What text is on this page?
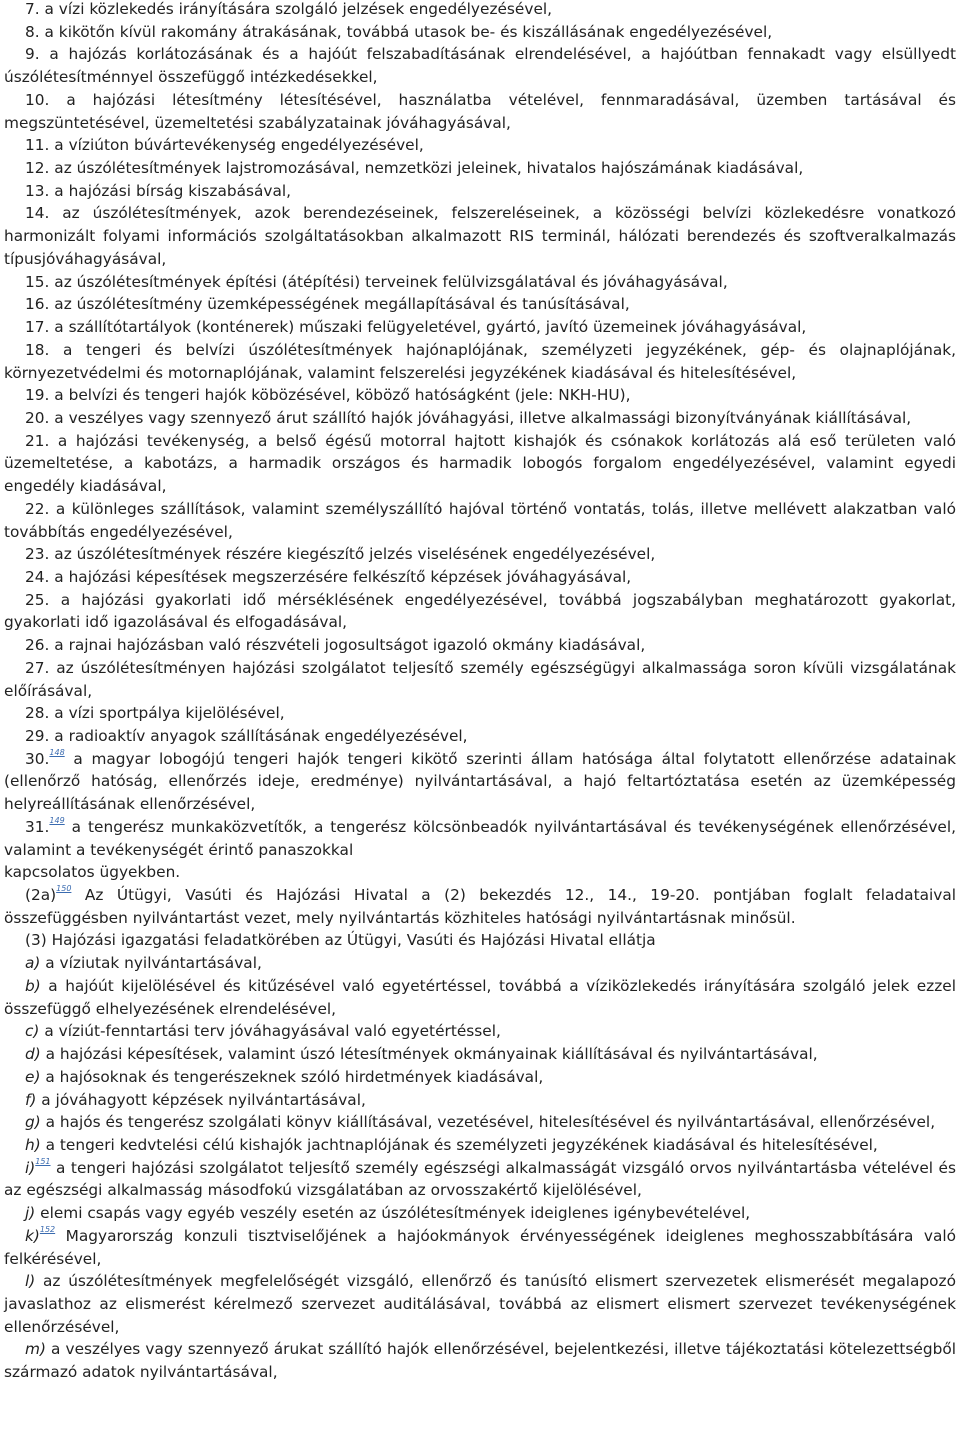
7. a vízi közlekedés irányítására szolgáló jelzések engedélyezésével,

8. a kikötőn kívül rakomány átrakásának, továbbá utasok be- és kiszállásának engedélyezésével,

9. a hajózás korlátozásának és a hajóút felszabadításának elrendelésével, a hajóútban fennakadt vagy elsüllyedt úszólétesítménnyel összefüggő intézkedésekkel,

10. a hajózási létesítmény létesítésével, használatba vételével, fennmaradásával, üzemben tartásával és megszüntetésével, üzemeltetési szabályzatainak jóváhagyásával,

11. a víziúton búvártevékenység engedélyezésével,

12. az úszólétesítmények lajstromozásával, nemzetközi jeleinek, hivatalos hajószámának kiadásával,

13. a hajózási bírság kiszabásával,

14. az úszólétesítmények, azok berendezéseinek, felszereléseinek, a közösségi belvízi közlekedésre vonatkozó harmonizált folyami információs szolgáltatásokban alkalmazott RIS terminál, hálózati berendezés és szoftveralkalmazás típusjóváhagyásával,

15. az úszólétesítmények építési (átépítési) terveinek felülvizsgálatával és jóváhagyásával,

16. az úszólétesítmény üzemképességének megállapításával és tanúsításával,

17. a szállítótartályok (konténerek) műszaki felügyeletével, gyártó, javító üzemeinek jóváhagyásával,

18. a tengeri és belvízi úszólétesítmények hajónaplójának, személyzeti jegyzékének, gép- és olajnaplójának, környezetvédelmi és motornaplójának, valamint felszerelési jegyzékének kiadásával és hitelesítésével,

19. a belvízi és tengeri hajók köbözésével, köböző hatóságként (jele: NKH-HU),

20. a veszélyes vagy szennyező árut szállító hajók jóváhagyási, illetve alkalmassági bizonyítványának kiállításával,

21. a hajózási tevékenység, a belső égésű motorral hajtott kishajók és csónakok korlátozás alá eső területen való üzemeltetése, a kabotázs, a harmadik országos és harmadik lobogós forgalom engedélyezésével, valamint egyedi engedély kiadásával,

22. a különleges szállítások, valamint személyszállító hajóval történő vontatás, tolás, illetve mellévett alakzatban való továbbítás engedélyezésével,

23. az úszólétesítmények részére kiegészítő jelzés viselésének engedélyezésével,

24. a hajózási képesítések megszerzésére felkészítő képzések jóváhagyásával,

25. a hajózási gyakorlati idő mérséklésének engedélyezésével, továbbá jogszabályban meghatározott gyakorlat, gyakorlati idő igazolásával és elfogadásával,

26. a rajnai hajózásban való részvételi jogosultságot igazoló okmány kiadásával,

27. az úszólétesítményen hajózási szolgálatot teljesítő személy egészségügyi alkalmassága soron kívüli vizsgálatának előírásával,

28. a vízi sportpálya kijelölésével,

29. a radioaktív anyagok szállításának engedélyezésével,

30.$^{148}$ a magyar lobogójú tengeri hajók tengeri kikötő szerinti állam hatósága által folytatott ellenőrzése adatainak (ellenőrző hatóság, ellenőrzés ideje, eredménye) nyilvántartásával, a hajó feltartóztatása esetén az üzemképesség helyreállításának ellenőrzésével,

31.$^{149}$ a tengerész munkaközvetítők, a tengerész kölcsönbeadók nyilvántartásával és tevékenységének ellenőrzésével, valamint a tevékenységét érintő panaszokkal

kapcsolatos ügyekben.

(2a)$^{150}$ Az Útügyi, Vasúti és Hajózási Hivatal a (2) bekezdés 12., 14., 19-20. pontjában foglalt feladataival összefüggésben nyilvántartást vezet, mely nyilvántartás közhiteles hatósági nyilvántartásnak minősül.

(3) Hajózási igazgatási feladatkörében az Útügyi, Vasúti és Hajózási Hivatal ellátja

a) a víziutak nyilvántartásával,

b) a hajóút kijelölésével és kitűzésével való egyetértéssel, továbbá a víziközlekedés irányítására szolgáló jelek ezzel összefüggő elhelyezésének elrendelésével,

c) a víziút-fenntartási terv jóváhagyásával való egyetértéssel,

d) a hajózási képesítések, valamint úszó létesítmények okmányainak kiállításával és nyilvántartásával,

e) a hajósoknak és tengerészeknek szóló hirdetmények kiadásával,

f) a jóváhagyott képzések nyilvántartásával,

g) a hajós és tengerész szolgálati könyv kiállításával, vezetésével, hitelesítésével és nyilvántartásával, ellenőrzésével,

h) a tengeri kedvtelési célú kishajók jachtnaplójának és személyzeti jegyzékének kiadásával és hitelesítésével,

i)$^{151}$ a tengeri hajózási szolgálatot teljesítő személy egészségi alkalmasságát vizsgáló orvos nyilvántartásba vételével és az egészségi alkalmasság másodfokú vizsgálatában az orvosszakértő kijelölésével,

j) elemi csapás vagy egyéb veszély esetén az úszólétesítmények ideiglenes igénybevételével,

k)$^{152}$ Magyarország konzuli tisztviselőjének a hajóokmányok érvényességének ideiglenes meghosszabbítására való felkérésével,

l) az úszólétesítmények megfelelőségét vizsgáló, ellenőrző és tanúsító elismert szervezetek elismerését megalapozó javaslathoz az elismerést kérelmező szervezet auditálásával, továbbá az elismert elismert szervezet tevékenységének ellenőrzésével,

m) a veszélyes vagy szennyező árukat szállító hajók ellenőrzésével, bejelentkezési, illetve tájékoztatási kötelezettségből származó adatok nyilvántartásával,
